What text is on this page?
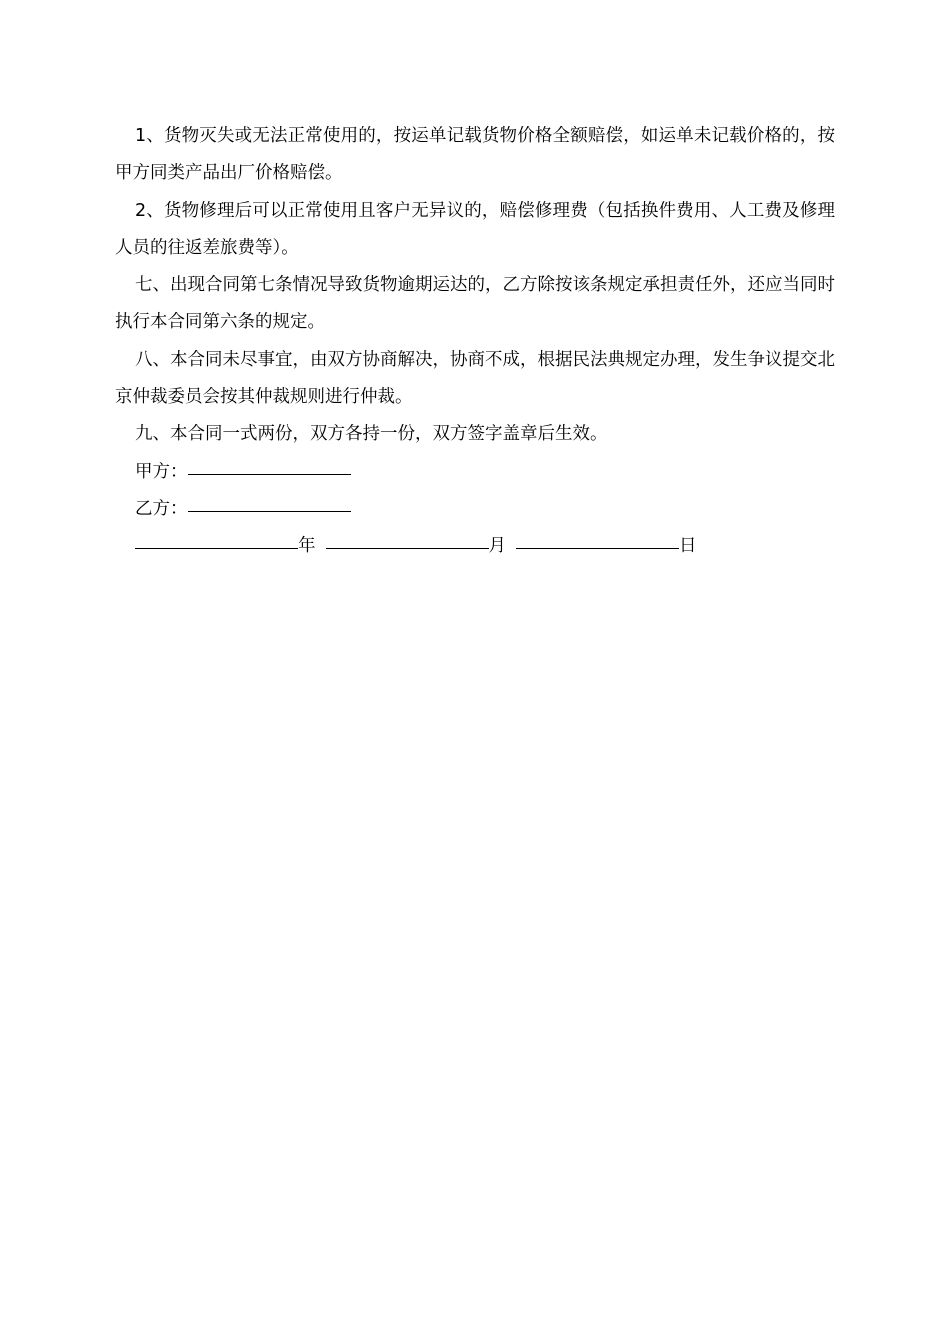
1、货物灭失或无法正常使用的，按运单记载货物价格全额赔偿，如运单未记载价格的，按甲方同类产品出厂价格赔偿。

2、货物修理后可以正常使用且客户无异议的，赔偿修理费（包括换件费用、人工费及修理人员的往返差旅费等）。

七、出现合同第七条情况导致货物逾期运达的，乙方除按该条规定承担责任外，还应当同时执行本合同第六条的规定。

八、本合同未尽事宜，由双方协商解决，协商不成，根据民法典规定办理，发生争议提交北京仲裁委员会按其仲裁规则进行仲裁。

九、本合同一式两份，双方各持一份，双方签字盖章后生效。

甲方：
乙方：
年	月	日
